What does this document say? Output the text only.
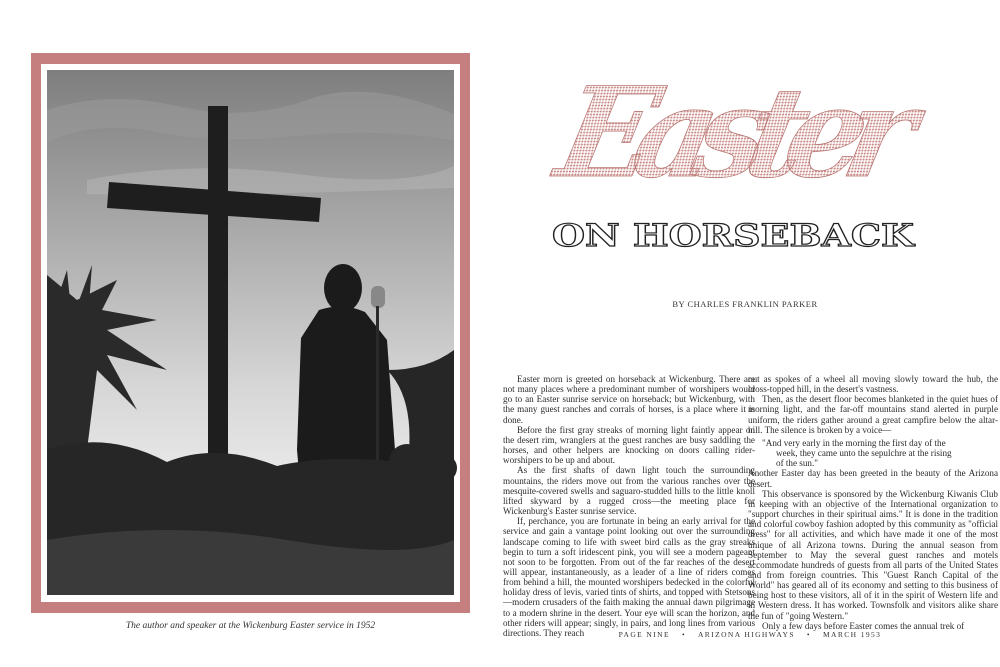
The author and speaker at the Wickenburg Easter service in 1952
Easter
ON HORSEBACK
BY CHARLES FRANKLIN PARKER

Easter morn is greeted on horseback at Wickenburg. There are not many places where a predominant number of worshipers would go to an Easter sunrise service on horseback; but Wickenburg, with the many guest ranches and corrals of horses, is a place where it is done.

Before the first gray streaks of morning light faintly appear on the desert rim, wranglers at the guest ranches are busy saddling the horses, and other helpers are knocking on doors calling rider-worshipers to be up and about.

As the first shafts of dawn light touch the surrounding mountains, the riders move out from the various ranches over the mesquite-covered swells and saguaro-studded hills to the little knoll lifted skyward by a rugged cross—the meeting place for Wickenburg's Easter sunrise service.

If, perchance, you are fortunate in being an early arrival for the service and gain a vantage point looking out over the surrounding landscape coming to life with sweet bird calls as the gray streaks begin to turn a soft iridescent pink, you will see a modern pageant not soon to be forgotten. From out of the far reaches of the desert will appear, instantaneously, as a leader of a line of riders comes from behind a hill, the mounted worshipers bedecked in the colorful holiday dress of levis, varied tints of shirts, and topped with Stetsons—modern crusaders of the faith making the annual dawn pilgrimage to a modern shrine in the desert. Your eye will scan the horizon, and other riders will appear; singly, in pairs, and long lines from various directions. They reach

out as spokes of a wheel all moving slowly toward the hub, the cross-topped hill, in the desert's vastness.

Then, as the desert floor becomes blanketed in the quiet hues of morning light, and the far-off mountains stand alerted in purple uniform, the riders gather around a great campfire below the altar-hill. The silence is broken by a voice—

"And very early in the morning the first day of the

week, they came unto the sepulchre at the rising

of the sun."

Another Easter day has been greeted in the beauty of the Arizona desert.

This observance is sponsored by the Wickenburg Kiwanis Club in keeping with an objective of the International organization to "support churches in their spiritual aims." It is done in the tradition and colorful cowboy fashion adopted by this community as "official dress" for all activities, and which have made it one of the most unique of all Arizona towns. During the annual season from September to May the several guest ranches and motels accommodate hundreds of guests from all parts of the United States and from foreign countries. This "Guest Ranch Capital of the World" has geared all of its economy and setting to this business of being host to these visitors, all of it in the spirit of Western life and in Western dress. It has worked. Townsfolk and visitors alike share the fun of "going Western."

Only a few days before Easter comes the annual trek of

PAGE NINE • ARIZONA HIGHWAYS • MARCH 1953
